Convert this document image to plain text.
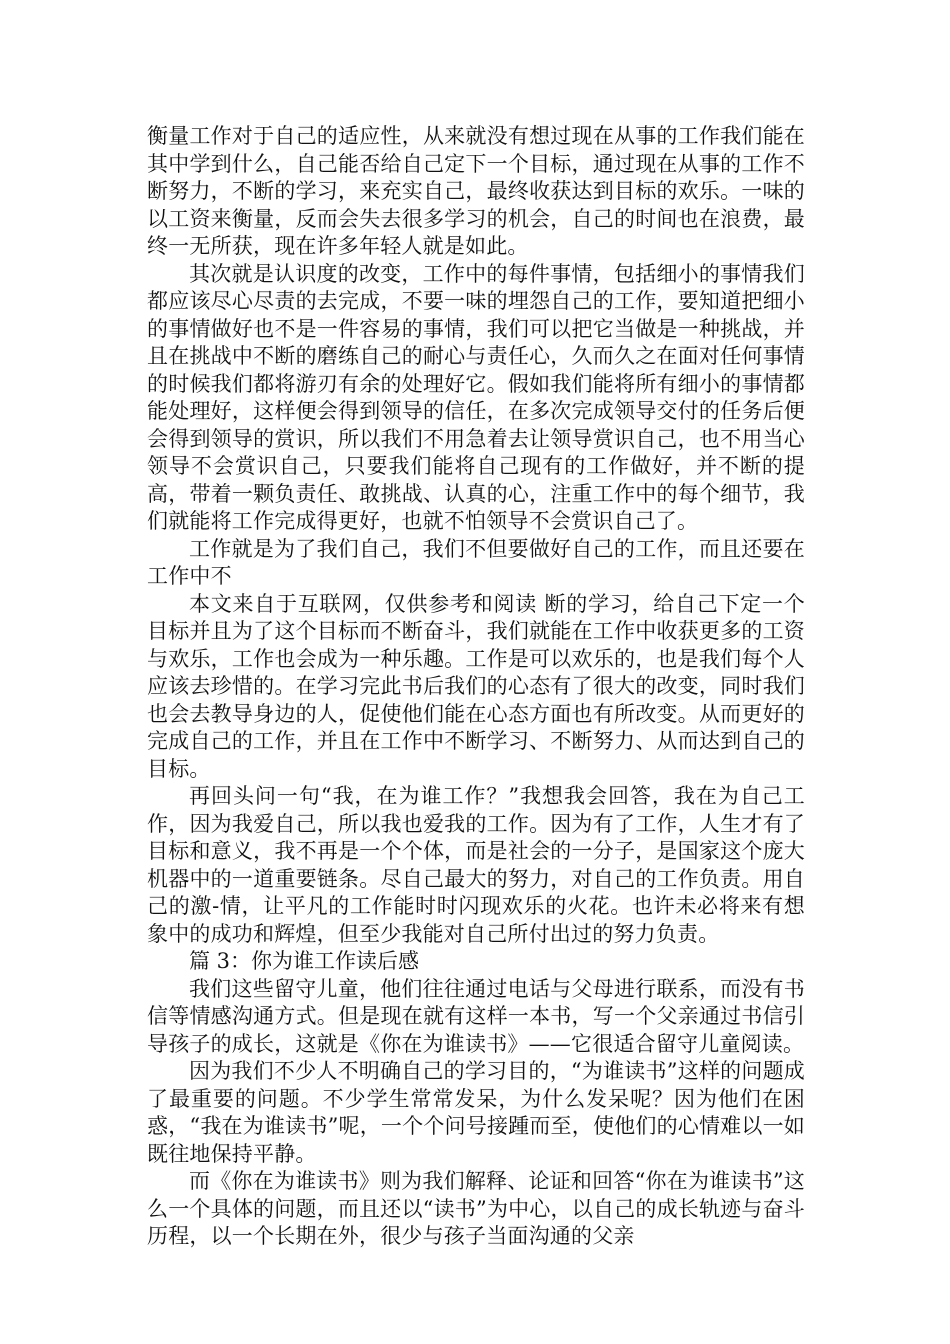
衡量工作对于自己的适应性，从来就没有想过现在从事的工作我们能在其中学到什么，自己能否给自己定下一个目标，通过现在从事的工作不断努力，不断的学习，来充实自己，最终收获达到目标的欢乐。一味的以工资来衡量，反而会失去很多学习的机会，自己的时间也在浪费，最终一无所获，现在许多年轻人就是如此。

其次就是认识度的改变，工作中的每件事情，包括细小的事情我们都应该尽心尽责的去完成，不要一味的埋怨自己的工作，要知道把细小的事情做好也不是一件容易的事情，我们可以把它当做是一种挑战，并且在挑战中不断的磨练自己的耐心与责任心，久而久之在面对任何事情的时候我们都将游刃有余的处理好它。假如我们能将所有细小的事情都能处理好，这样便会得到领导的信任，在多次完成领导交付的任务后便会得到领导的赏识，所以我们不用急着去让领导赏识自己，也不用当心领导不会赏识自己，只要我们能将自己现有的工作做好，并不断的提高，带着一颗负责任、敢挑战、认真的心，注重工作中的每个细节，我们就能将工作完成得更好，也就不怕领导不会赏识自己了。

工作就是为了我们自己，我们不但要做好自己的工作，而且还要在工作中不

本文来自于互联网，仅供参考和阅读 断的学习，给自己下定一个目标并且为了这个目标而不断奋斗，我们就能在工作中收获更多的工资与欢乐，工作也会成为一种乐趣。工作是可以欢乐的，也是我们每个人应该去珍惜的。在学习完此书后我们的心态有了很大的改变，同时我们也会去教导身边的人，促使他们能在心态方面也有所改变。从而更好的完成自己的工作，并且在工作中不断学习、不断努力、从而达到自己的目标。

再回头问一句“我，在为谁工作？”我想我会回答，我在为自己工作，因为我爱自己，所以我也爱我的工作。因为有了工作，人生才有了目标和意义，我不再是一个个体，而是社会的一分子，是国家这个庞大机器中的一道重要链条。尽自己最大的努力，对自己的工作负责。用自己的激-情，让平凡的工作能时时闪现欢乐的火花。也许未必将来有想象中的成功和辉煌，但至少我能对自己所付出过的努力负责。

篇 3：你为谁工作读后感

我们这些留守儿童，他们往往通过电话与父母进行联系，而没有书信等情感沟通方式。但是现在就有这样一本书，写一个父亲通过书信引导孩子的成长，这就是《你在为谁读书》——它很适合留守儿童阅读。

因为我们不少人不明确自己的学习目的，“为谁读书”这样的问题成了最重要的问题。不少学生常常发呆，为什么发呆呢？因为他们在困惑，“我在为谁读书”呢，一个个问号接踵而至，使他们的心情难以一如既往地保持平静。

而《你在为谁读书》则为我们解释、论证和回答“你在为谁读书”这么一个具体的问题，而且还以“读书”为中心，以自己的成长轨迹与奋斗历程，以一个长期在外，很少与孩子当面沟通的父亲
